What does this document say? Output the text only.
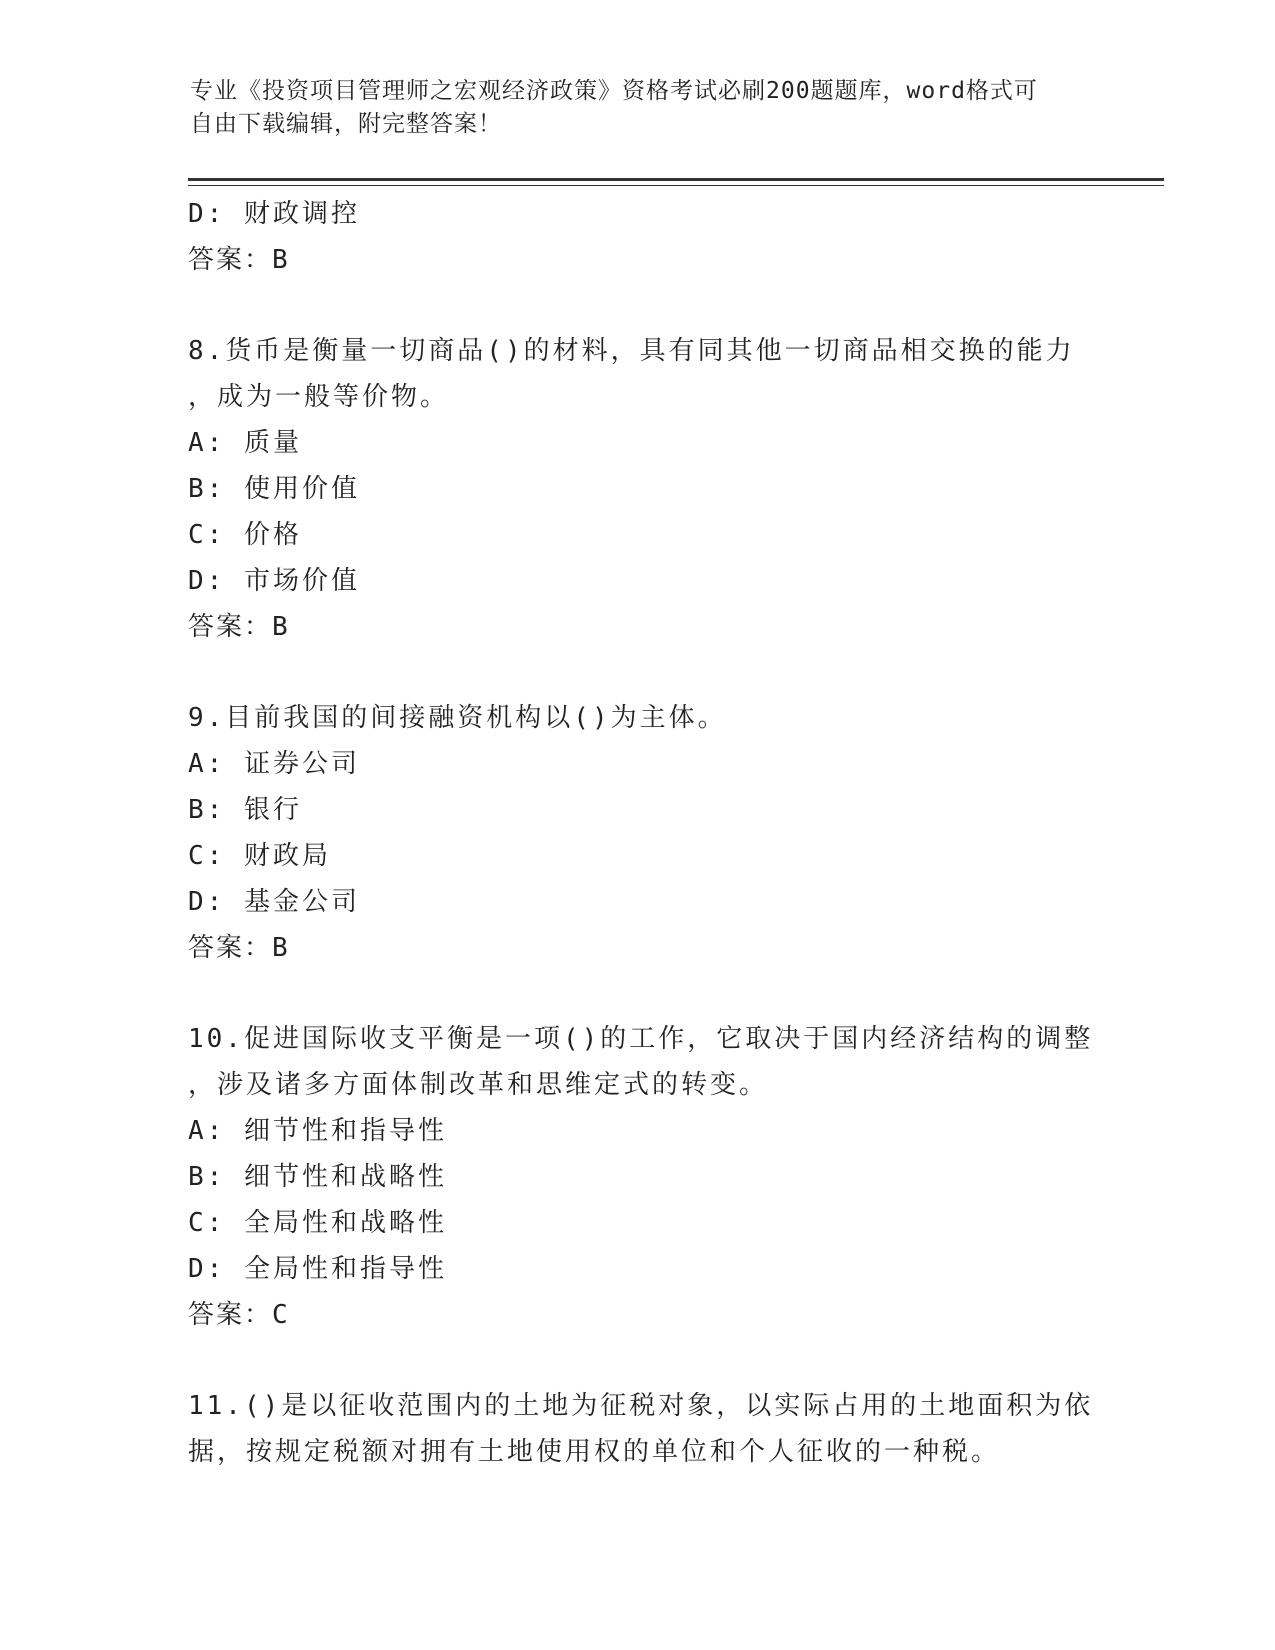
专业《投资项目管理师之宏观经济政策》资格考试必刷200题题库，word格式可
自由下载编辑，附完整答案！
D: 财政调控
答案：B
8.货币是衡量一切商品()的材料，具有同其他一切商品相交换的能力
，成为一般等价物。
A: 质量
B: 使用价值
C: 价格
D: 市场价值
答案：B
9.目前我国的间接融资机构以()为主体。
A: 证券公司
B: 银行
C: 财政局
D: 基金公司
答案：B
10.促进国际收支平衡是一项()的工作，它取决于国内经济结构的调整
，涉及诸多方面体制改革和思维定式的转变。
A: 细节性和指导性
B: 细节性和战略性
C: 全局性和战略性
D: 全局性和指导性
答案：C
11.()是以征收范围内的土地为征税对象，以实际占用的土地面积为依
据，按规定税额对拥有土地使用权的单位和个人征收的一种税。
